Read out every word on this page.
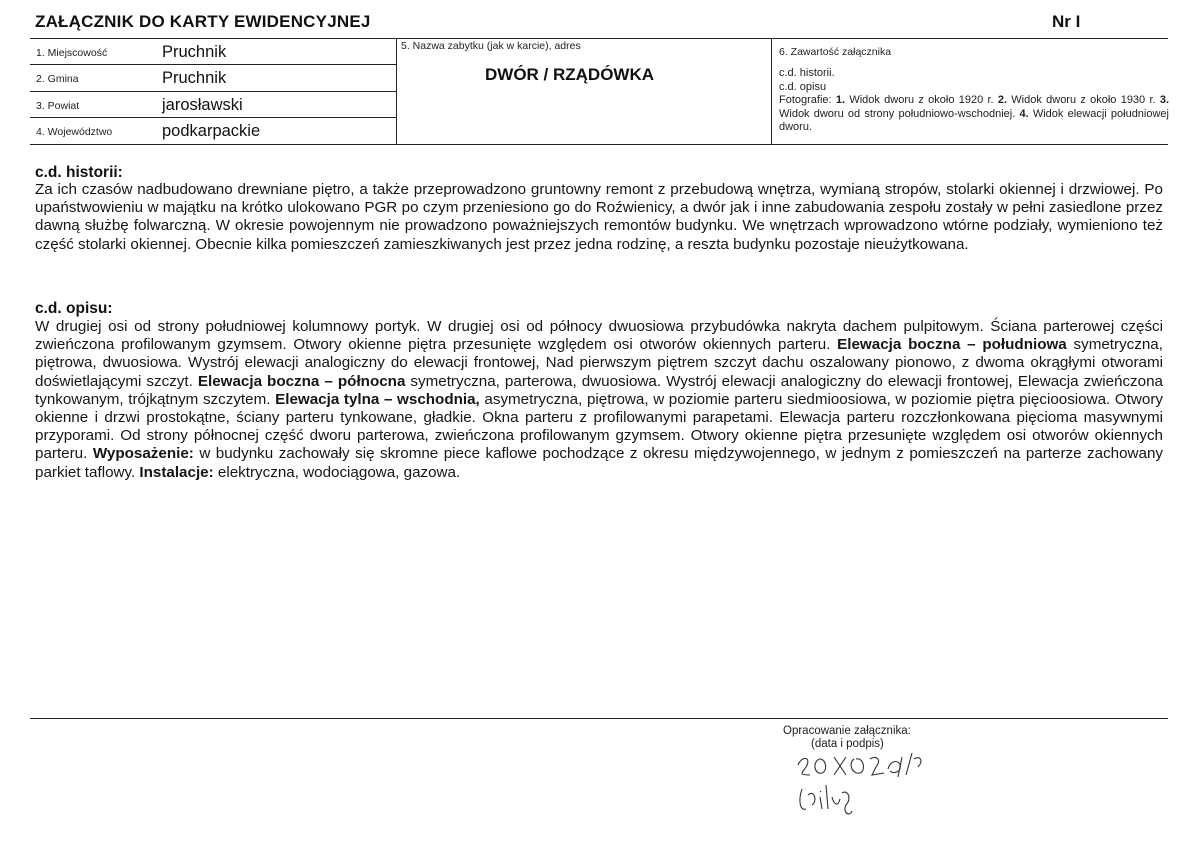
ZAŁĄCZNIK DO KARTY EWIDENCYJNEJ	Nr I
1. Miejscowość	Pruchnik
2. Gmina	Pruchnik
3. Powiat	jarosławski
4. Województwo	podkarpackie
5. Nazwa zabytku (jak w karcie), adres
DWÓR / RZĄDÓWKA
6. Zawartość załącznika
c.d. historii.
c.d. opisu
Fotografie: 1. Widok dworu z około 1920 r. 2. Widok dworu z około 1930 r. 3. Widok dworu od strony południowo-wschodniej. 4. Widok elewacji południowej dworu.
c.d. historii:
Za ich czasów nadbudowano drewniane piętro, a także przeprowadzono gruntowny remont z przebudową wnętrza, wymianą stropów, stolarki okiennej i drzwiowej. Po upaństwowieniu w majątku na krótko ulokowano PGR po czym przeniesiono go do Roźwienicy, a dwór jak i inne zabudowania zespołu zostały w pełni zasiedlone przez dawną służbę folwarczną. W okresie powojennym nie prowadzono poważniejszych remontów budynku. We wnętrzach wprowadzono wtórne podziały, wymieniono też część stolarki okiennej. Obecnie kilka pomieszczeń zamieszkiwanych jest przez jedna rodzinę, a reszta budynku pozostaje nieużytkowana.
c.d. opisu:
W drugiej osi od strony południowej kolumnowy portyk. W drugiej osi od północy dwuosiowa przybudówka nakryta dachem pulpitowym. Ściana parterowej części zwieńczona profilowanym gzymsem. Otwory okienne piętra przesunięte względem osi otworów okiennych parteru. Elewacja boczna – południowa symetryczna, piętrowa, dwuosiowa. Wystrój elewacji analogiczny do elewacji frontowej, Nad pierwszym piętrem szczyt dachu oszalowany pionowo, z dwoma okrągłymi otworami doświetlającymi szczyt. Elewacja boczna – północna symetryczna, parterowa, dwuosiowa. Wystrój elewacji analogiczny do elewacji frontowej, Elewacja zwieńczona tynkowanym, trójkątnym szczytem. Elewacja tylna – wschodnia, asymetryczna, piętrowa, w poziomie parteru siedmioosiowa, w poziomie piętra pięcioosiowa. Otwory okienne i drzwi prostokątne, ściany parteru tynkowane, gładkie. Okna parteru z profilowanymi parapetami. Elewacja parteru rozczłonkowana pięcioma masywnymi przyporami. Od strony północnej część dworu parterowa, zwieńczona profilowanym gzymsem. Otwory okienne piętra przesunięte względem osi otworów okiennych parteru. Wyposażenie: w budynku zachowały się skromne piece kaflowe pochodzące z okresu międzywojennego, w jednym z pomieszczeń na parterze zachowany parkiet taflowy. Instalacje: elektryczna, wodociągowa, gazowa.
Opracowanie załącznika:
(data i podpis)
